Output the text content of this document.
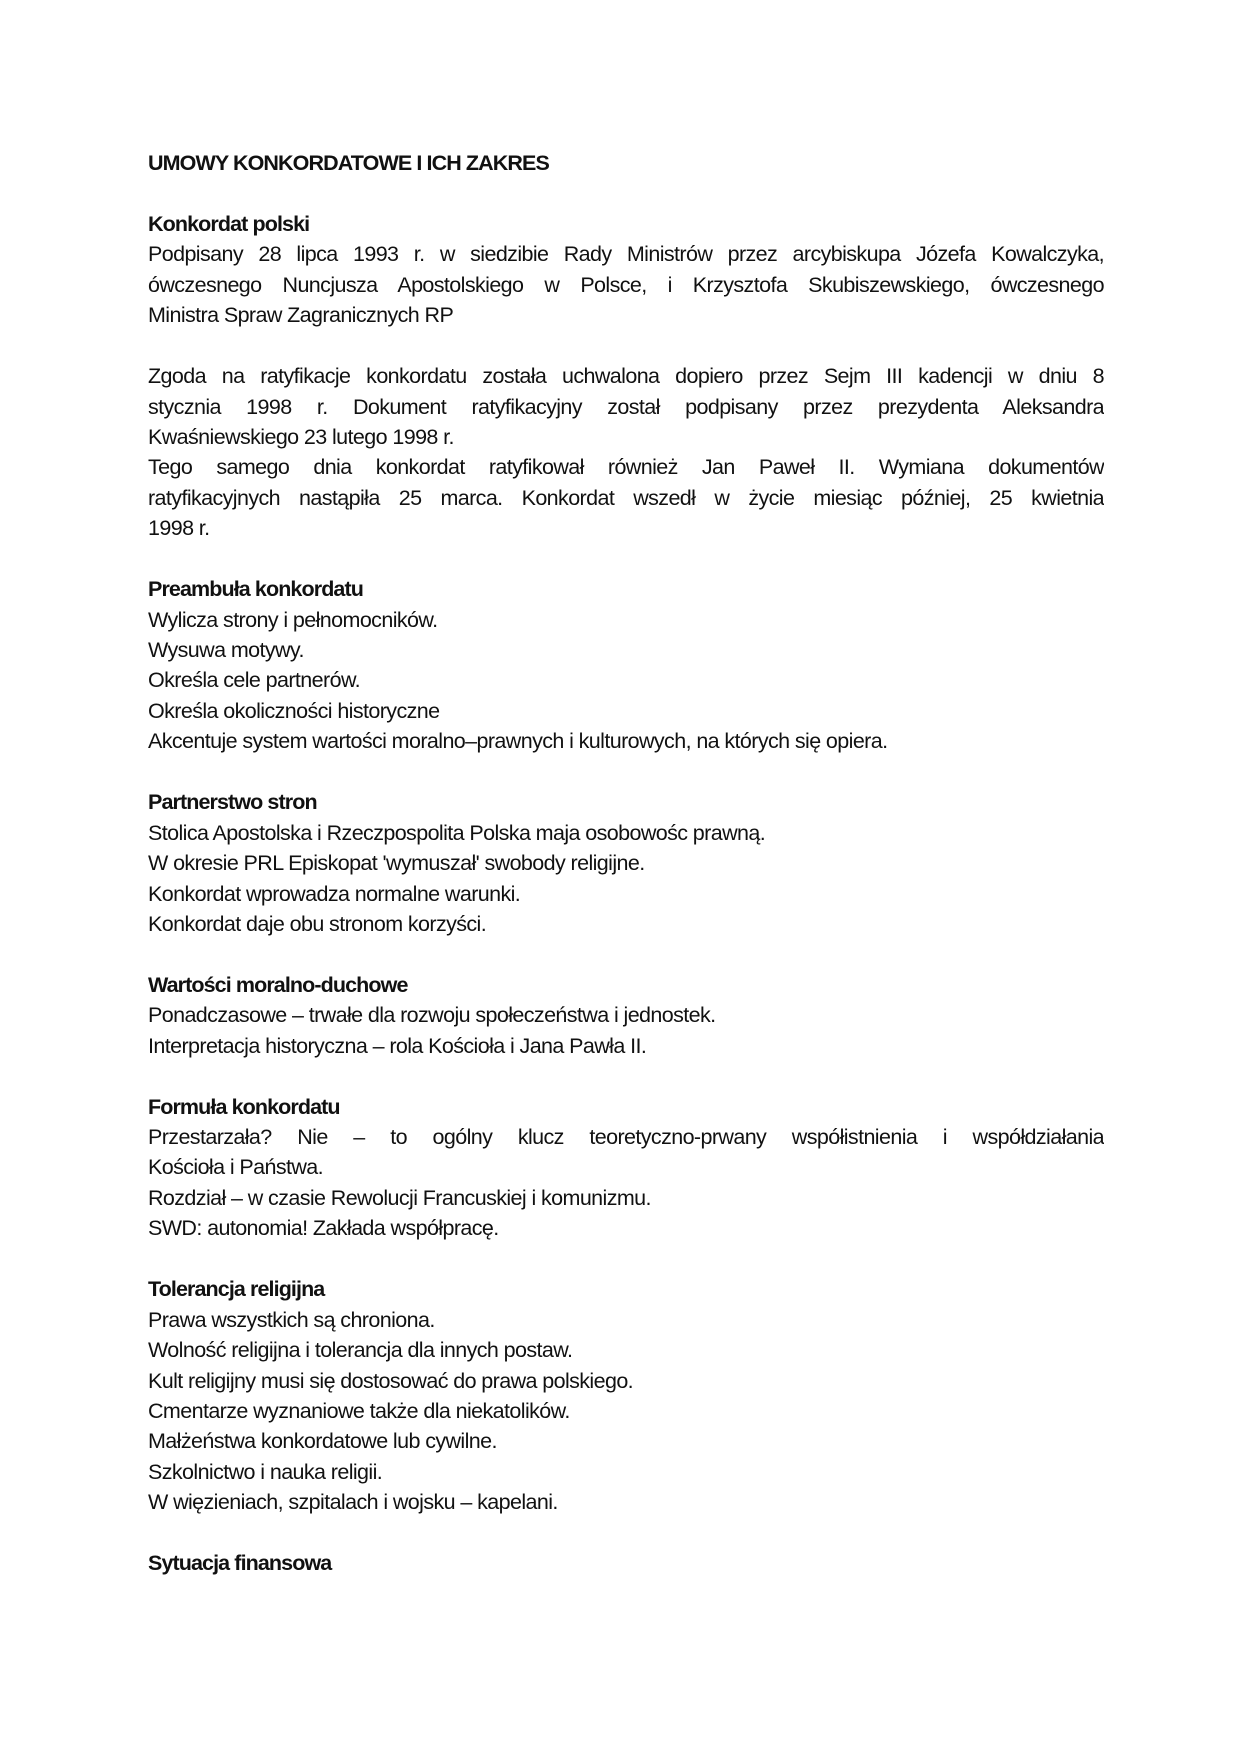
UMOWY KONKORDATOWE I ICH ZAKRES
Konkordat polski
Podpisany 28 lipca 1993 r. w siedzibie Rady Ministrów przez arcybiskupa Józefa Kowalczyka,
ówczesnego Nuncjusza Apostolskiego w Polsce, i Krzysztofa Skubiszewskiego, ówczesnego
Ministra Spraw Zagranicznych RP
Zgoda na ratyfikacje konkordatu została uchwalona dopiero przez Sejm III kadencji w dniu 8
stycznia 1998 r. Dokument ratyfikacyjny został podpisany przez prezydenta Aleksandra
Kwaśniewskiego 23 lutego 1998 r.
Tego samego dnia konkordat ratyfikował również Jan Paweł II. Wymiana dokumentów
ratyfikacyjnych nastąpiła 25 marca. Konkordat wszedł w życie miesiąc później, 25 kwietnia
1998 r.
Preambuła konkordatu
Wylicza strony i pełnomocników.
Wysuwa motywy.
Określa cele partnerów.
Określa okoliczności historyczne
Akcentuje system wartości moralno–prawnych i kulturowych, na których się opiera.
Partnerstwo stron
Stolica Apostolska i Rzeczpospolita Polska maja osobowośc prawną.
W okresie PRL Episkopat 'wymuszał' swobody religijne.
Konkordat wprowadza normalne warunki.
Konkordat daje obu stronom korzyści.
Wartości moralno-duchowe
Ponadczasowe – trwałe dla rozwoju społeczeństwa i jednostek.
Interpretacja historyczna – rola Kościoła i Jana Pawła II.
Formuła konkordatu
Przestarzała? Nie – to ogólny klucz teoretyczno-prwany współistnienia i współdziałania
Kościoła i Państwa.
Rozdział – w czasie Rewolucji Francuskiej i komunizmu.
SWD: autonomia! Zakłada współpracę.
Tolerancja religijna
Prawa wszystkich są chroniona.
Wolność religijna i tolerancja dla innych postaw.
Kult religijny musi się dostosować do prawa polskiego.
Cmentarze wyznaniowe także dla niekatolików.
Małżeństwa konkordatowe lub cywilne.
Szkolnictwo i nauka religii.
W więzieniach, szpitalach i wojsku – kapelani.
Sytuacja finansowa
